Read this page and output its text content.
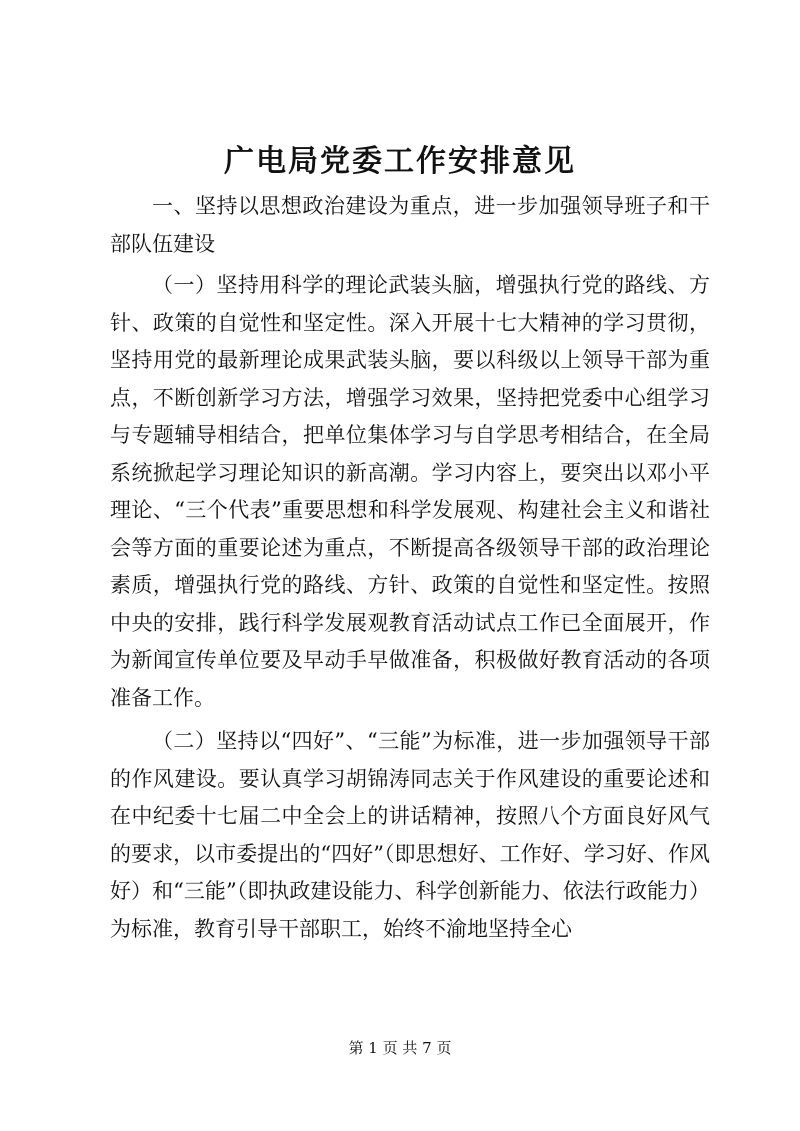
广电局党委工作安排意见

一、坚持以思想政治建设为重点，进一步加强领导班子和干部队伍建设

（一）坚持用科学的理论武装头脑，增强执行党的路线、方针、政策的自觉性和坚定性。深入开展十七大精神的学习贯彻，坚持用党的最新理论成果武装头脑，要以科级以上领导干部为重点，不断创新学习方法，增强学习效果，坚持把党委中心组学习与专题辅导相结合，把单位集体学习与自学思考相结合，在全局系统掀起学习理论知识的新高潮。学习内容上，要突出以邓小平理论、“三个代表”重要思想和科学发展观、构建社会主义和谐社会等方面的重要论述为重点，不断提高各级领导干部的政治理论素质，增强执行党的路线、方针、政策的自觉性和坚定性。按照中央的安排，践行科学发展观教育活动试点工作已全面展开，作为新闻宣传单位要及早动手早做准备，积极做好教育活动的各项准备工作。

（二）坚持以“四好”、“三能”为标准，进一步加强领导干部的作风建设。要认真学习胡锦涛同志关于作风建设的重要论述和在中纪委十七届二中全会上的讲话精神，按照八个方面良好风气的要求，以市委提出的“四好”（即思想好、工作好、学习好、作风好）和“三能”（即执政建设能力、科学创新能力、依法行政能力）为标准，教育引导干部职工，始终不渝地坚持全心

第 1 页 共 7 页
